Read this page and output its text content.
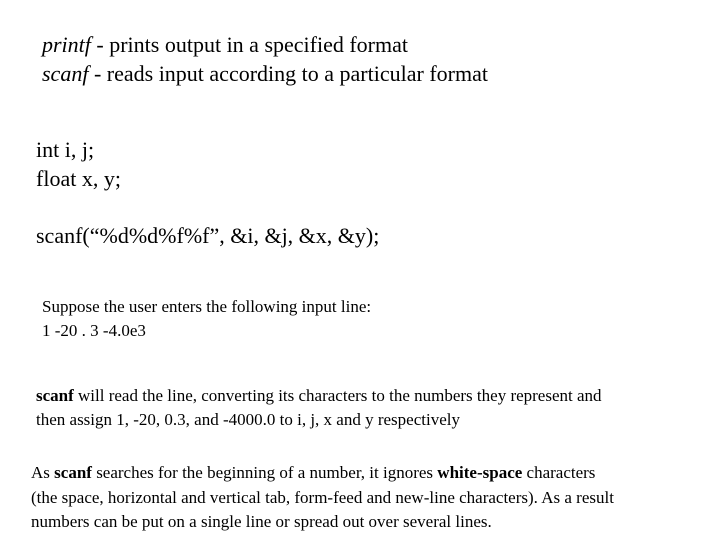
printf - prints output in a specified format
scanf - reads input according to a particular format
int i, j;
float x, y;
scanf(“%d%d%f%f”, &i, &j, &x, &y);
Suppose the user enters the following input line:
1 -20 . 3 -4.0e3
scanf will read the line, converting its characters to the numbers they represent and
then assign 1, -20, 0.3, and -4000.0 to i, j, x and y respectively
As scanf searches for the beginning of a number, it ignores white-space characters
(the space, horizontal and vertical tab, form-feed and new-line characters). As a result
numbers can be put on a single line or spread out over several lines.
